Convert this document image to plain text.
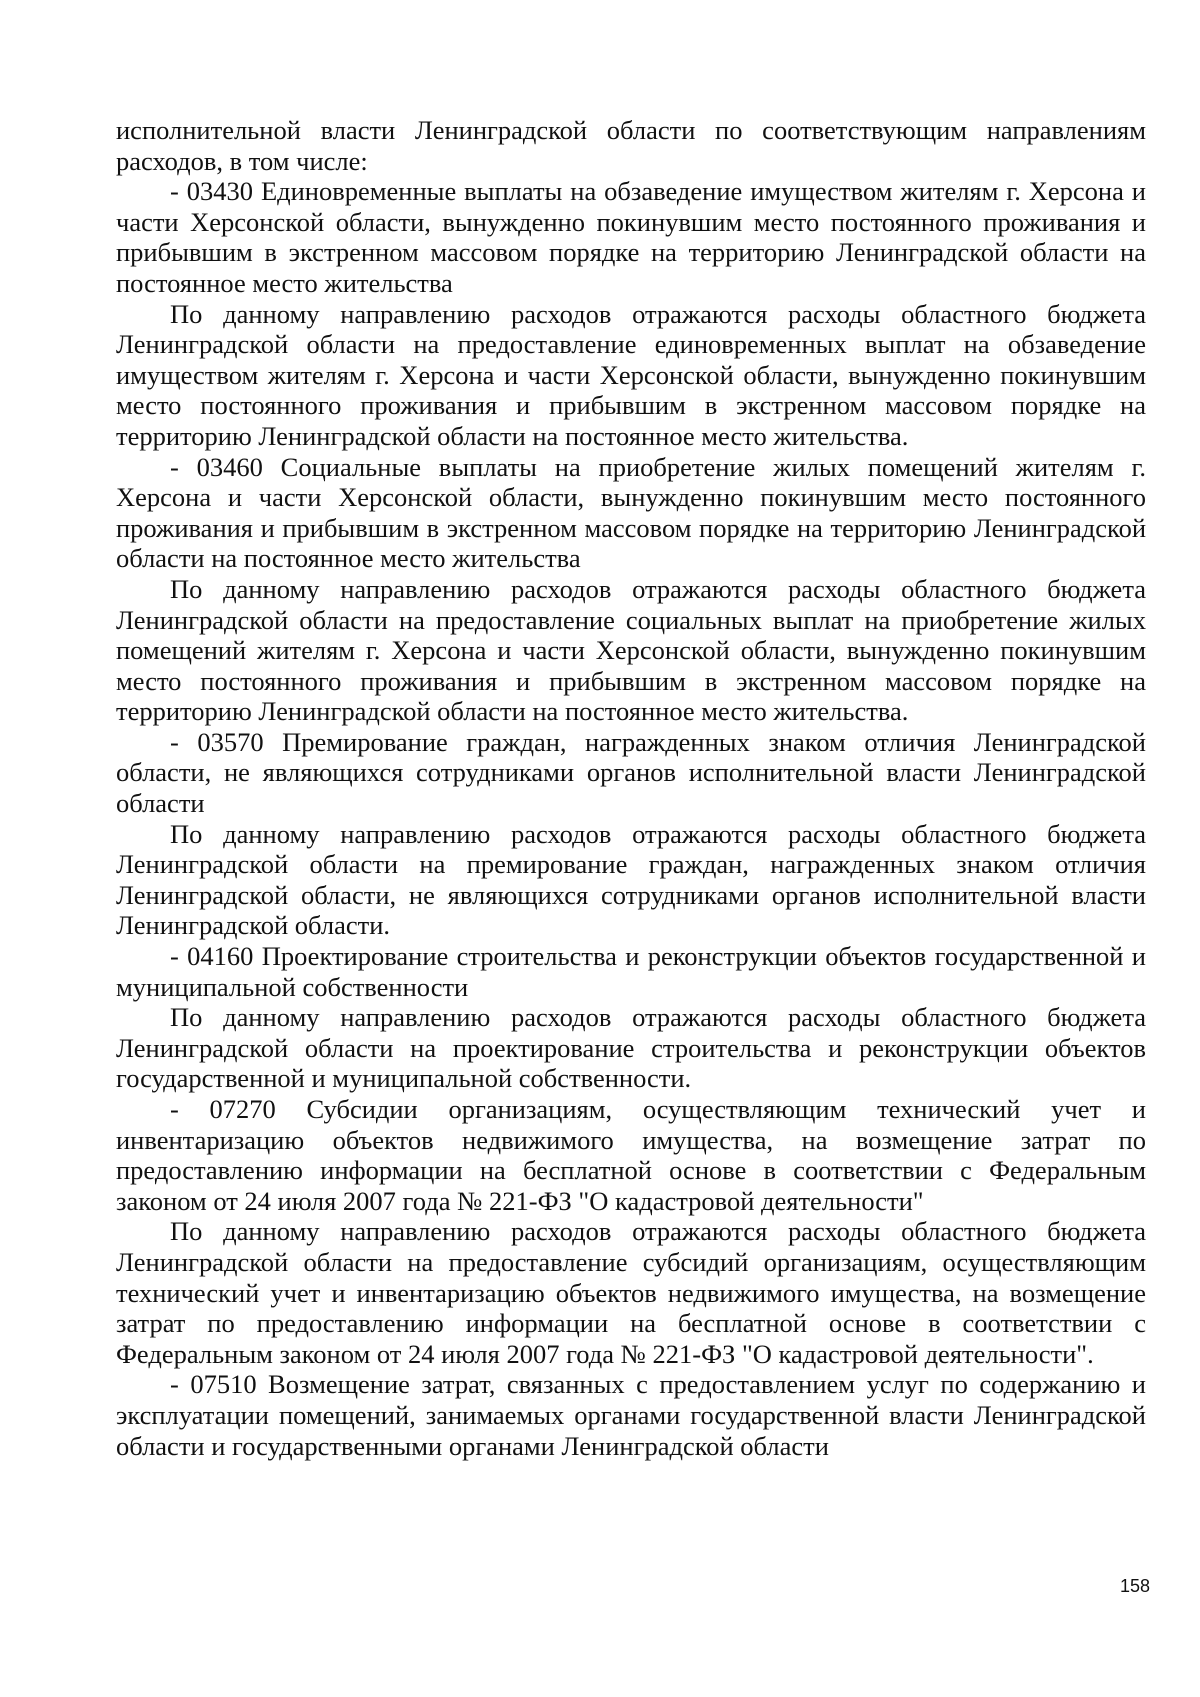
исполнительной власти Ленинградской области по соответствующим направлениям расходов, в том числе:

- 03430 Единовременные выплаты на обзаведение имуществом жителям г. Херсона и части Херсонской области, вынужденно покинувшим место постоянного проживания и прибывшим в экстренном массовом порядке на территорию Ленинградской области на постоянное место жительства

По данному направлению расходов отражаются расходы областного бюджета Ленинградской области на предоставление единовременных выплат на обзаведение имуществом жителям г. Херсона и части Херсонской области, вынужденно покинувшим место постоянного проживания и прибывшим в экстренном массовом порядке на территорию Ленинградской области на постоянное место жительства.

- 03460 Социальные выплаты на приобретение жилых помещений жителям г. Херсона и части Херсонской области, вынужденно покинувшим место постоянного проживания и прибывшим в экстренном массовом порядке на территорию Ленинградской области на постоянное место жительства

По данному направлению расходов отражаются расходы областного бюджета Ленинградской области на предоставление социальных выплат на приобретение жилых помещений жителям г. Херсона и части Херсонской области, вынужденно покинувшим место постоянного проживания и прибывшим в экстренном массовом порядке на территорию Ленинградской области на постоянное место жительства.

- 03570 Премирование граждан, награжденных знаком отличия Ленинградской области, не являющихся сотрудниками органов исполнительной власти Ленинградской области

По данному направлению расходов отражаются расходы областного бюджета Ленинградской области на премирование граждан, награжденных знаком отличия Ленинградской области, не являющихся сотрудниками органов исполнительной власти Ленинградской области.

- 04160 Проектирование строительства и реконструкции объектов государственной и муниципальной собственности

По данному направлению расходов отражаются расходы областного бюджета Ленинградской области на проектирование строительства и реконструкции объектов государственной и муниципальной собственности.

- 07270 Субсидии организациям, осуществляющим технический учет и инвентаризацию объектов недвижимого имущества, на возмещение затрат по предоставлению информации на бесплатной основе в соответствии с Федеральным законом от 24 июля 2007 года № 221-ФЗ "О кадастровой деятельности"

По данному направлению расходов отражаются расходы областного бюджета Ленинградской области на предоставление субсидий организациям, осуществляющим технический учет и инвентаризацию объектов недвижимого имущества, на возмещение затрат по предоставлению информации на бесплатной основе в соответствии с Федеральным законом от 24 июля 2007 года № 221-ФЗ "О кадастровой деятельности".

- 07510 Возмещение затрат, связанных с предоставлением услуг по содержанию и эксплуатации помещений, занимаемых органами государственной власти Ленинградской области и государственными органами Ленинградской области

158
